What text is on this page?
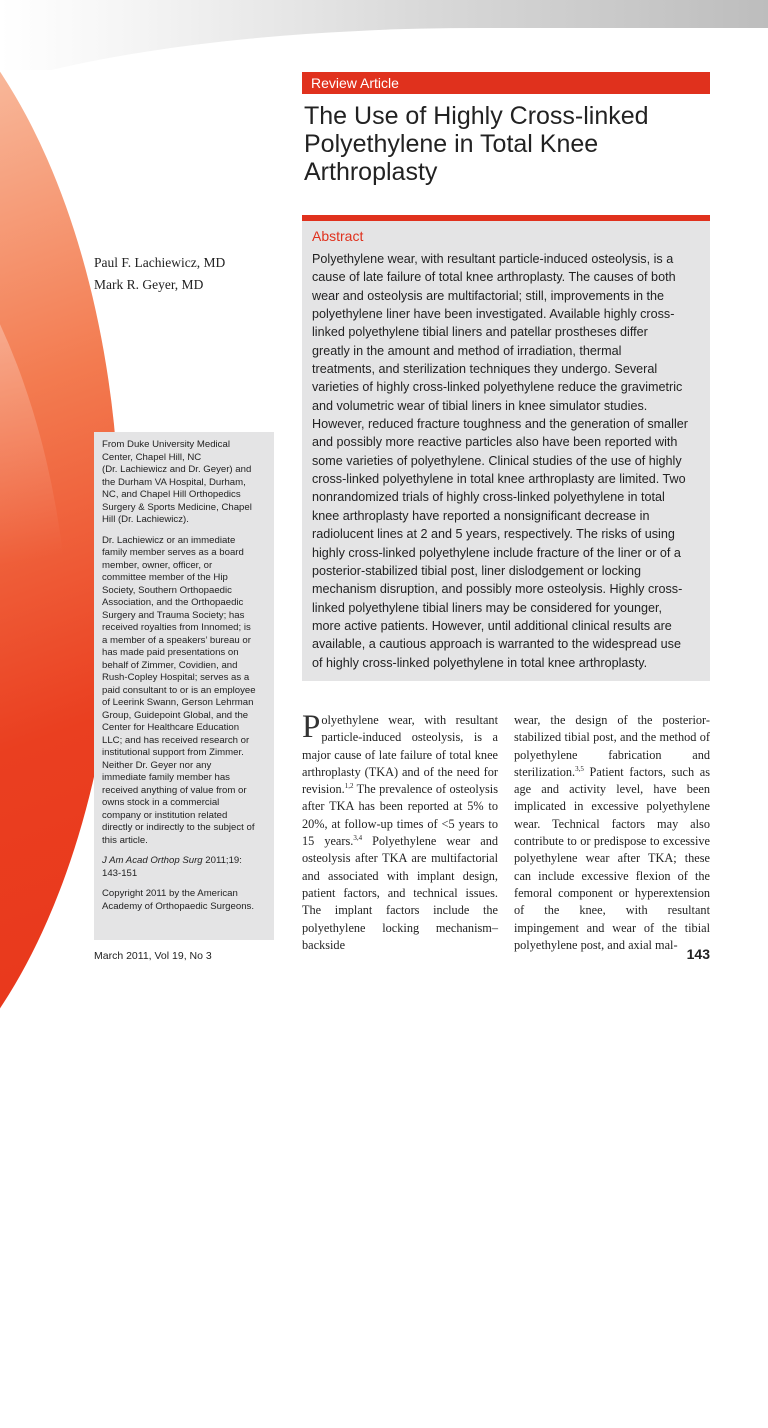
Review Article
The Use of Highly Cross-linked
Polyethylene in Total Knee
Arthroplasty
Paul F. Lachiewicz, MD
Mark R. Geyer, MD
Abstract
Polyethylene wear, with resultant particle-induced osteolysis, is a
cause of late failure of total knee arthroplasty. The causes of both
wear and osteolysis are multifactorial; still, improvements in the
polyethylene liner have been investigated. Available highly cross-
linked polyethylene tibial liners and patellar prostheses differ
greatly in the amount and method of irradiation, thermal
treatments, and sterilization techniques they undergo. Several
varieties of highly cross-linked polyethylene reduce the gravimetric
and volumetric wear of tibial liners in knee simulator studies.
However, reduced fracture toughness and the generation of smaller
and possibly more reactive particles also have been reported with
some varieties of polyethylene. Clinical studies of the use of highly
cross-linked polyethylene in total knee arthroplasty are limited. Two
nonrandomized trials of highly cross-linked polyethylene in total
knee arthroplasty have reported a nonsignificant decrease in
radiolucent lines at 2 and 5 years, respectively. The risks of using
highly cross-linked polyethylene include fracture of the liner or of a
posterior-stabilized tibial post, liner dislodgement or locking
mechanism disruption, and possibly more osteolysis. Highly cross-
linked polyethylene tibial liners may be considered for younger,
more active patients. However, until additional clinical results are
available, a cautious approach is warranted to the widespread use
of highly cross-linked polyethylene in total knee arthroplasty.

From Duke University Medical
Center, Chapel Hill, NC
(Dr. Lachiewicz and Dr. Geyer) and
the Durham VA Hospital, Durham,
NC, and Chapel Hill Orthopedics
Surgery & Sports Medicine, Chapel
Hill (Dr. Lachiewicz).

Dr. Lachiewicz or an immediate
family member serves as a board
member, owner, officer, or
committee member of the Hip
Society, Southern Orthopaedic
Association, and the Orthopaedic
Surgery and Trauma Society; has
received royalties from Innomed; is
a member of a speakers’ bureau or
has made paid presentations on
behalf of Zimmer, Covidien, and
Rush-Copley Hospital; serves as a
paid consultant to or is an employee
of Leerink Swann, Gerson Lehrman
Group, Guidepoint Global, and the
Center for Healthcare Education
LLC; and has received research or
institutional support from Zimmer.
Neither Dr. Geyer nor any
immediate family member has
received anything of value from or
owns stock in a commercial
company or institution related
directly or indirectly to the subject of
this article.

J Am Acad Orthop Surg 2011;19:
143-151

Copyright 2011 by the American
Academy of Orthopaedic Surgeons.

Polyethylene wear, with resultant particle-induced osteolysis, is a major cause of late failure of total knee arthroplasty (TKA) and of the need for revision.$^{1,2}$ The prevalence of osteolysis after TKA has been reported at 5% to 20%, at follow-up times of <5 years to 15 years.$^{3,4}$ Polyethylene wear and osteolysis after TKA are multifactorial and associated with implant design, patient factors, and technical issues. The implant factors include the polyethylene locking mechanism–backside
wear, the design of the posterior-stabilized tibial post, and the method of polyethylene fabrication and sterilization.$^{3,5}$ Patient factors, such as age and activity level, have been implicated in excessive polyethylene wear. Technical factors may also contribute to or predispose to excessive polyethylene wear after TKA; these can include excessive flexion of the femoral component or hyperextension of the knee, with resultant impingement and wear of the tibial polyethylene post, and axial mal-
March 2011, Vol 19, No 3	143
